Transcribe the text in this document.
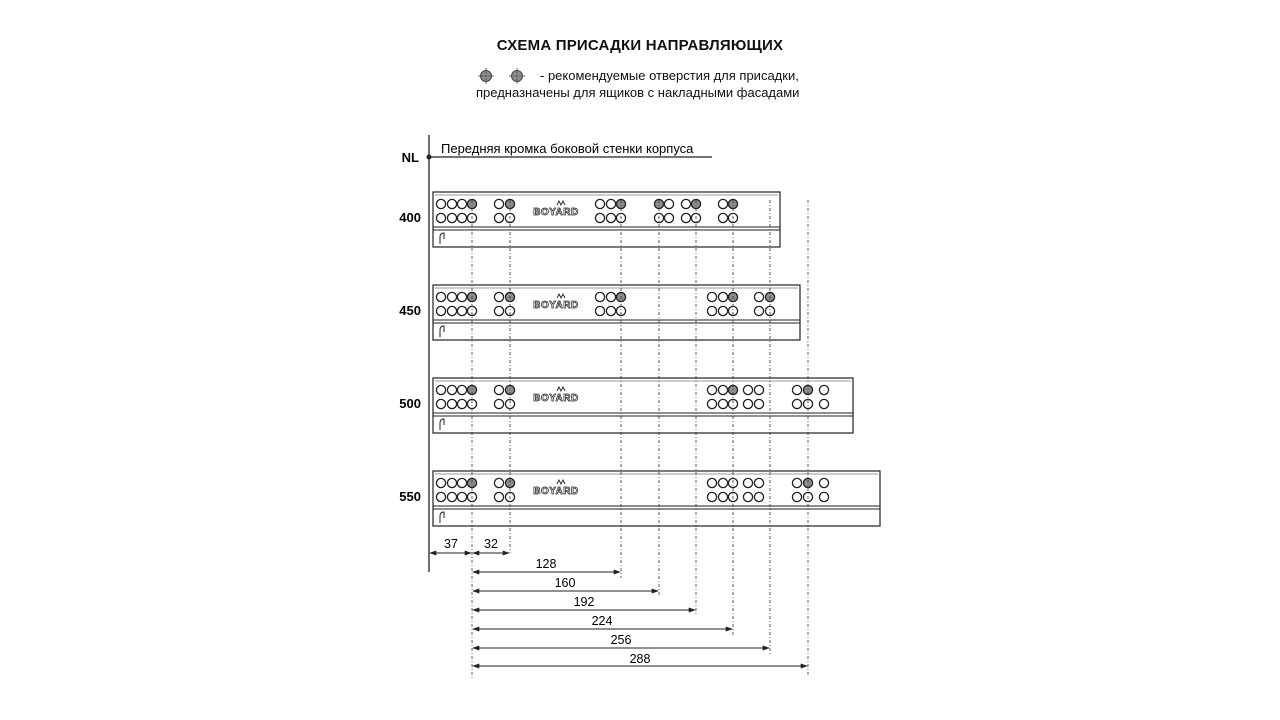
СХЕМА ПРИСАДКИ НАПРАВЛЯЮЩИХ
NL
Передняя кромка боковой стенки корпуса
400	BOYARD
450	BOYARD
500	BOYARD
550	BOYARD
37 32
128
160
192
224
256
288
- рекомендуемые отверстия для присадки,
предназначены для ящиков с накладными фасадами
